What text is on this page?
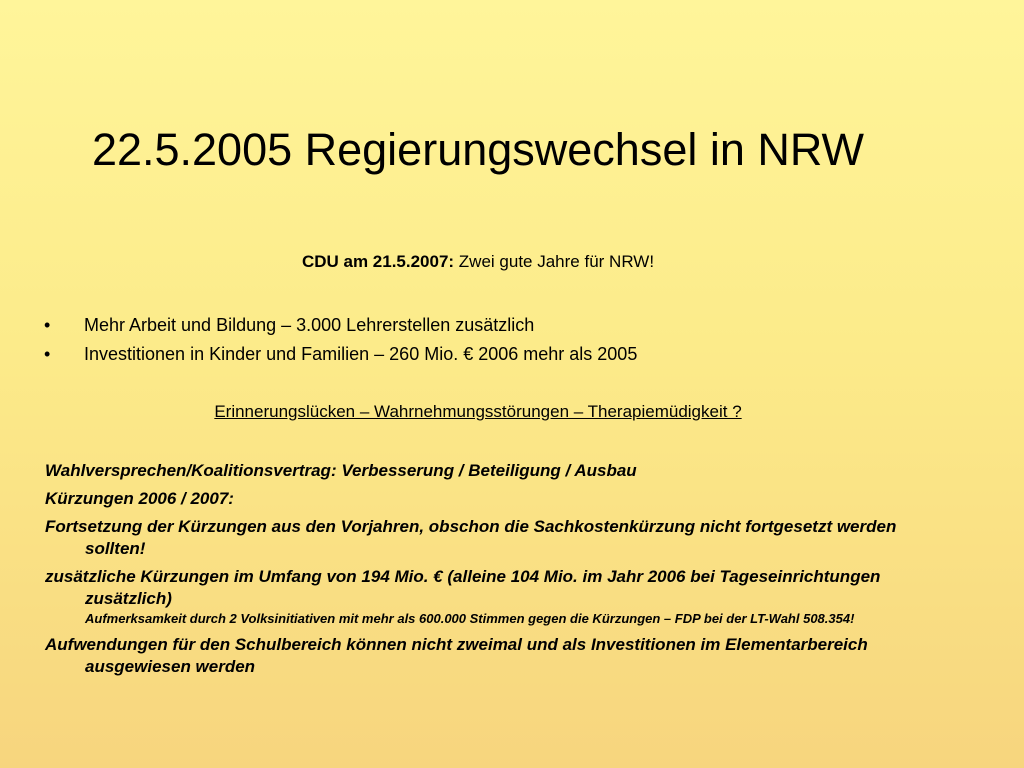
22.5.2005 Regierungswechsel in NRW
CDU am 21.5.2007: Zwei gute Jahre für NRW!
• Mehr Arbeit und Bildung – 3.000 Lehrerstellen zusätzlich
• Investitionen in Kinder und Familien – 260 Mio. € 2006 mehr als 2005
Erinnerungslücken – Wahrnehmungsstörungen – Therapiemüdigkeit ?

Wahlversprechen/Koalitionsvertrag: Verbesserung / Beteiligung / Ausbau

Kürzungen 2006 / 2007:

Fortsetzung der Kürzungen aus den Vorjahren, obschon die Sachkostenkürzung nicht fortgesetzt werden sollten!

zusätzliche Kürzungen im Umfang von 194 Mio. € (alleine 104 Mio. im Jahr 2006 bei Tageseinrichtungen zusätzlich)
Aufmerksamkeit durch 2 Volksinitiativen mit mehr als 600.000 Stimmen gegen die Kürzungen – FDP bei der LT-Wahl 508.354!

Aufwendungen für den Schulbereich können nicht zweimal und als Investitionen im Elementarbereich ausgewiesen werden
